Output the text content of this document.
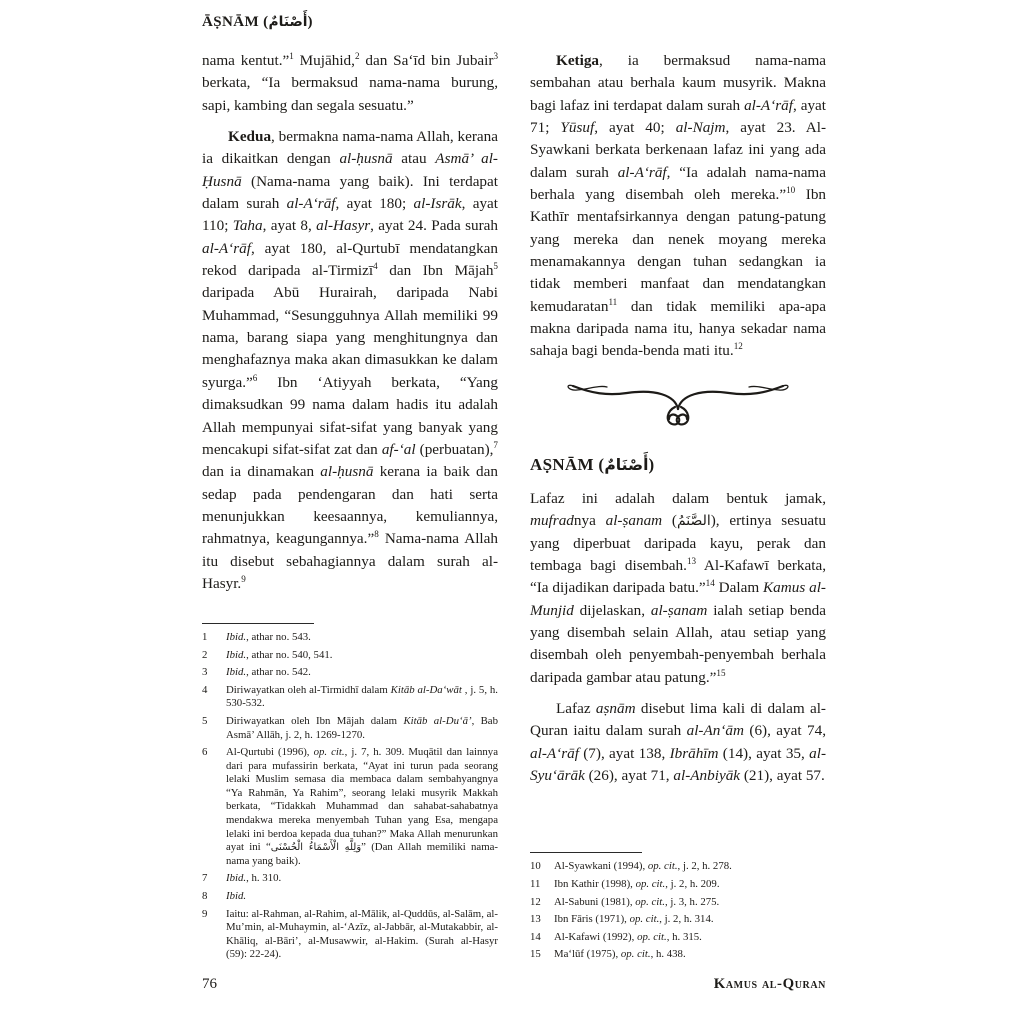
ĀṢNĀM (أَصْنَامٌ)

nama kentut.”$^1$ Mujāhid,$^2$ dan Sa‘īd bin Jubair$^3$ berkata, “Ia bermaksud nama-nama burung, sapi, kambing dan segala sesuatu.”

Kedua, bermakna nama-nama Allah, kerana ia dikaitkan dengan al-ḥusnā atau Asmā’ al-Ḥusnā (Nama-nama yang baik). Ini terdapat dalam surah al-A‘rāf, ayat 180; al-Isrāk, ayat 110; Taha, ayat 8, al-Hasyr, ayat 24. Pada surah al-A‘rāf, ayat 180, al-Qurtubī mendatangkan rekod daripada al-Tirmizī$^4$ dan Ibn Mājah$^5$ daripada Abū Hurairah, daripada Nabi Muhammad, “Sesungguhnya Allah memiliki 99 nama, barang siapa yang menghitungnya dan menghafaznya maka akan dimasukkan ke dalam syurga.”$^6$ Ibn ‘Atiyyah berkata, “Yang dimaksudkan 99 nama dalam hadis itu adalah Allah mempunyai sifat-sifat yang banyak yang mencakupi sifat-sifat zat dan af-‘al (perbuatan),$^7$ dan ia dinamakan al-ḥusnā kerana ia baik dan sedap pada pendengaran dan hati serta menunjukkan keesaannya, kemuliannya, rahmatnya, keagungannya.”$^8$ Nama-nama Allah itu disebut sebahagiannya dalam surah al-Hasyr.$^9$

1	Ibid., athar no. 543.
2	Ibid., athar no. 540, 541.
3	Ibid., athar no. 542.
4	Diriwayatkan oleh al-Tirmidhī dalam Kitāb al-Da‘wāt , j. 5, h. 530-532.
5	Diriwayatkan oleh Ibn Mājah dalam Kitāb al-Du‘ā’, Bab Asmā’ Allāh, j. 2, h. 1269-1270.
6	Al-Qurtubi (1996), op. cit., j. 7, h. 309. Muqātil dan lainnya dari para mufassirin berkata, “Ayat ini turun pada seorang lelaki Muslim semasa dia membaca dalam sembahyangnya “Ya Rahmān, Ya Rahim”, seorang lelaki musyrik Makkah berkata, “Tidakkah Muhammad dan sahabat-sahabatnya mendakwa mereka menyembah Tuhan yang Esa, mengapa lelaki ini berdoa kepada dua tuhan?” Maka Allah menurunkan ayat ini “وَلِلَّهِ الْأَسْمَاءُ الْحُسْنَى” (Dan Allah memiliki nama-nama yang baik).
7	Ibid., h. 310.
8	Ibid.
9	Iaitu: al-Rahman, al-Rahim, al-Mālik, al-Quddūs, al-Salām, al-Mu’min, al-Muhaymin, al-‘Azīz, al-Jabbār, al-Mutakabbir, al-Khāliq, al-Bāri’, al-Musawwir, al-Hakim. (Surah al-Hasyr (59): 22-24).

Ketiga, ia bermaksud nama-nama sembahan atau berhala kaum musyrik. Makna bagi lafaz ini terdapat dalam surah al-A‘rāf, ayat 71; Yūsuf, ayat 40; al-Najm, ayat 23. Al-Syawkani berkata berkenaan lafaz ini yang ada dalam surah al-A‘rāf, “Ia adalah nama-nama berhala yang disembah oleh mereka.”$^{10}$ Ibn Kathīr mentafsirkannya dengan patung-patung yang mereka dan nenek moyang mereka menamakannya dengan tuhan sedangkan ia tidak memberi manfaat dan mendatangkan kemudaratan$^{11}$ dan tidak memiliki apa-apa makna daripada nama itu, hanya sekadar nama sahaja bagi benda-benda mati itu.$^{12}$

AṢNĀM (أَصْنَامٌ)

Lafaz ini adalah dalam bentuk jamak, mufradnya al-ṣanam (الصَّنَمُ), ertinya sesuatu yang diperbuat daripada kayu, perak dan tembaga bagi disembah.$^{13}$ Al-Kafawī berkata, “Ia dijadikan daripada batu.”$^{14}$ Dalam Kamus al-Munjid dijelaskan, al-ṣanam ialah setiap benda yang disembah selain Allah, atau setiap yang disembah oleh penyembah-penyembah berhala daripada gambar atau patung.”$^{15}$

Lafaz aṣnām disebut lima kali di dalam al-Quran iaitu dalam surah al-An‘ām (6), ayat 74, al-A‘rāf (7), ayat 138, Ibrāhīm (14), ayat 35, al-Syu‘ārāk (26), ayat 71, al-Anbiyāk (21), ayat 57.

10	Al-Syawkani (1994), op. cit., j. 2, h. 278.
11	Ibn Kathir (1998), op. cit., j. 2, h. 209.
12	Al-Sabuni (1981), op. cit., j. 3, h. 275.
13	Ibn Fāris (1971), op. cit., j. 2, h. 314.
14	Al-Kafawi (1992), op. cit., h. 315.
15	Ma‘lūf (1975), op. cit., h. 438.
76	Kamus al-Quran
